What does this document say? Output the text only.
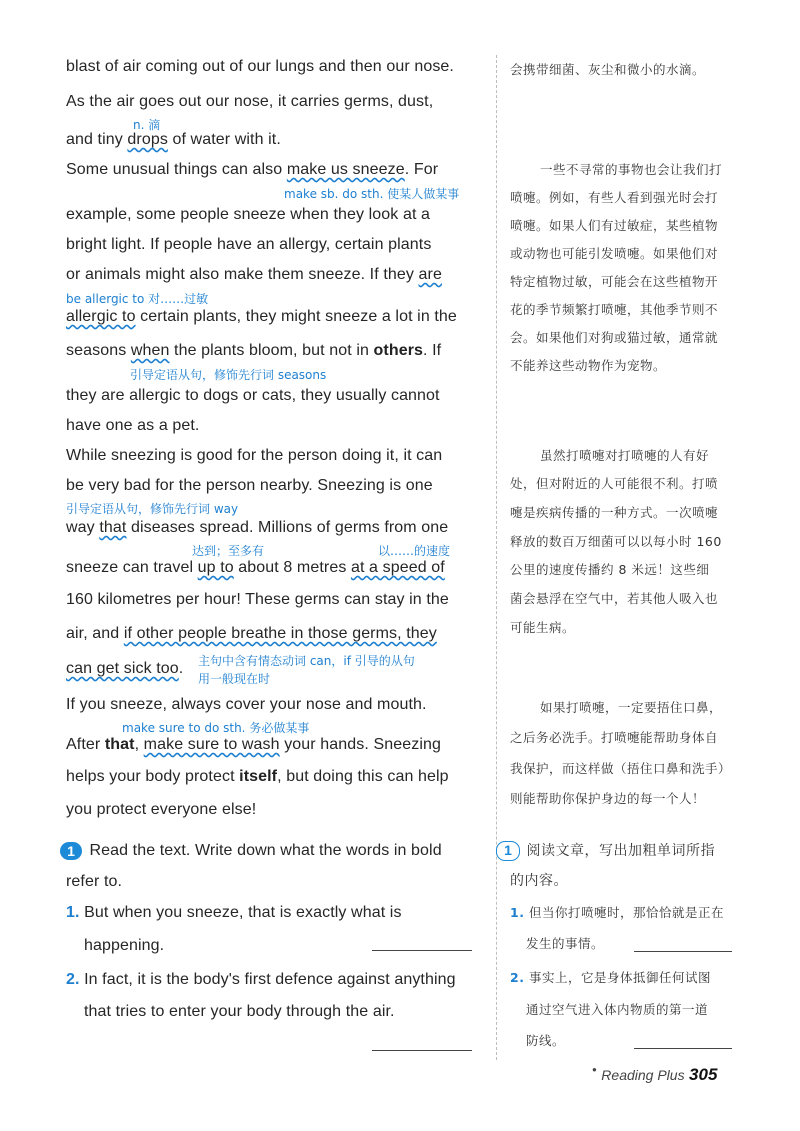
blast of air coming out of our lungs and then our nose.
As the air goes out our nose, it carries germs, dust,
n. 滴
and tiny drops of water with it.
Some unusual things can also make us sneeze. For
make sb. do sth. 使某人做某事
example, some people sneeze when they look at a
bright light. If people have an allergy, certain plants
or animals might also make them sneeze. If they are
be allergic to 对……过敏
allergic to certain plants, they might sneeze a lot in the
seasons when the plants bloom, but not in others. If
引导定语从句，修饰先行词 seasons
they are allergic to dogs or cats, they usually cannot
have one as a pet.
While sneezing is good for the person doing it, it can
be very bad for the person nearby. Sneezing is one
引导定语从句，修饰先行词 way
way that diseases spread. Millions of germs from one
达到；至多有	以……的速度
sneeze can travel up to about 8 metres at a speed of
160 kilometres per hour! These germs can stay in the
air, and if other people breathe in those germs, they
can get sick too. 主句中含有情态动词 can，if 引导的从句
用一般现在时
If you sneeze, always cover your nose and mouth.
make sure to do sth. 务必做某事
After that, make sure to wash your hands. Sneezing
helps your body protect itself, but doing this can help
you protect everyone else!
1 Read the text. Write down what the words in bold
refer to.
1. But when you sneeze, that is exactly what is
happening.
2. In fact, it is the body's first defence against anything
that tries to enter your body through the air.
会携带细菌、灰尘和微小的水滴。
一些不寻常的事物也会让我们打
喷嚏。例如，有些人看到强光时会打
喷嚏。如果人们有过敏症，某些植物
或动物也可能引发喷嚏。如果他们对
特定植物过敏，可能会在这些植物开
花的季节频繁打喷嚏，其他季节则不
会。如果他们对狗或猫过敏，通常就
不能养这些动物作为宠物。
虽然打喷嚏对打喷嚏的人有好
处，但对附近的人可能很不利。打喷
嚏是疾病传播的一种方式。一次喷嚏
释放的数百万细菌可以以每小时 160
公里的速度传播约 8 米远！这些细
菌会悬浮在空气中，若其他人吸入也
可能生病。
如果打喷嚏，一定要捂住口鼻，
之后务必洗手。打喷嚏能帮助身体自
我保护，而这样做（捂住口鼻和洗手）
则能帮助你保护身边的每一个人！
1 阅读文章，写出加粗单词所指
的内容。
1. 但当你打喷嚏时，那恰恰就是正在
发生的事情。
2. 事实上，它是身体抵御任何试图
通过空气进入体内物质的第一道
防线。
● Reading Plus 305
